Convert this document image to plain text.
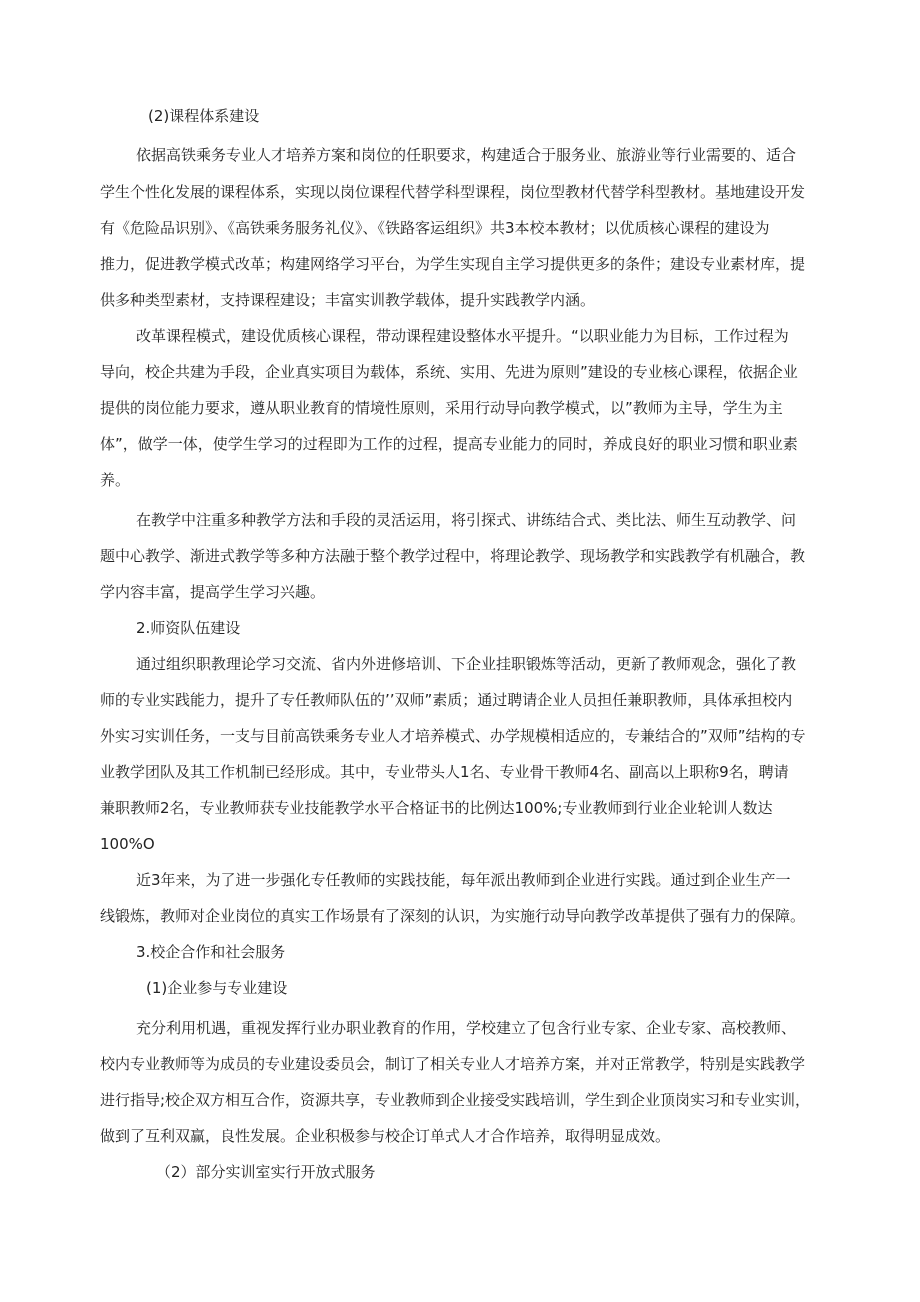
(2)课程体系建设
依据高铁乘务专业人才培养方案和岗位的任职要求，构建适合于服务业、旅游业等行业需要的、适合
学生个性化发展的课程体系，实现以岗位课程代替学科型课程，岗位型教材代替学科型教材。基地建设开发
有《危险品识别》、《高铁乘务服务礼仪》、《铁路客运组织》共3本校本教材；以优质核心课程的建设为
推力，促进教学模式改革；构建网络学习平台，为学生实现自主学习提供更多的条件；建设专业素材库，提
供多种类型素材，支持课程建设；丰富实训教学载体，提升实践教学内涵。
改革课程模式，建设优质核心课程，带动课程建设整体水平提升。“以职业能力为目标，工作过程为
导向，校企共建为手段，企业真实项目为载体，系统、实用、先进为原则”建设的专业核心课程，依据企业
提供的岗位能力要求，遵从职业教育的情境性原则，采用行动导向教学模式，以”教师为主导，学生为主
体”，做学一体，使学生学习的过程即为工作的过程，提高专业能力的同时，养成良好的职业习惯和职业素
养。
在教学中注重多种教学方法和手段的灵活运用，将引探式、讲练结合式、类比法、师生互动教学、问
题中心教学、渐进式教学等多种方法融于整个教学过程中，将理论教学、现场教学和实践教学有机融合，教
学内容丰富，提高学生学习兴趣。
2.师资队伍建设
通过组织职教理论学习交流、省内外进修培训、下企业挂职锻炼等活动，更新了教师观念，强化了教
师的专业实践能力，提升了专任教师队伍的’’双师”素质；通过聘请企业人员担任兼职教师，具体承担校内
外实习实训任务，一支与目前高铁乘务专业人才培养模式、办学规模相适应的，专兼结合的”双师”结构的专
业教学团队及其工作机制已经形成。其中，专业带头人1名、专业骨干教师4名、副高以上职称9名，聘请
兼职教师2名，专业教师获专业技能教学水平合格证书的比例达100%;专业教师到行业企业轮训人数达
100%O
近3年来，为了进一步强化专任教师的实践技能，每年派出教师到企业进行实践。通过到企业生产一
线锻炼，教师对企业岗位的真实工作场景有了深刻的认识，为实施行动导向教学改革提供了强有力的保障。
3.校企合作和社会服务
(1)企业参与专业建设
充分利用机遇，重视发挥行业办职业教育的作用，学校建立了包含行业专家、企业专家、高校教师、
校内专业教师等为成员的专业建设委员会，制订了相关专业人才培养方案，并对正常教学，特别是实践教学
进行指导;校企双方相互合作，资源共享，专业教师到企业接受实践培训，学生到企业顶岗实习和专业实训，
做到了互利双赢，良性发展。企业积极参与校企订单式人才合作培养，取得明显成效。
（2）部分实训室实行开放式服务
